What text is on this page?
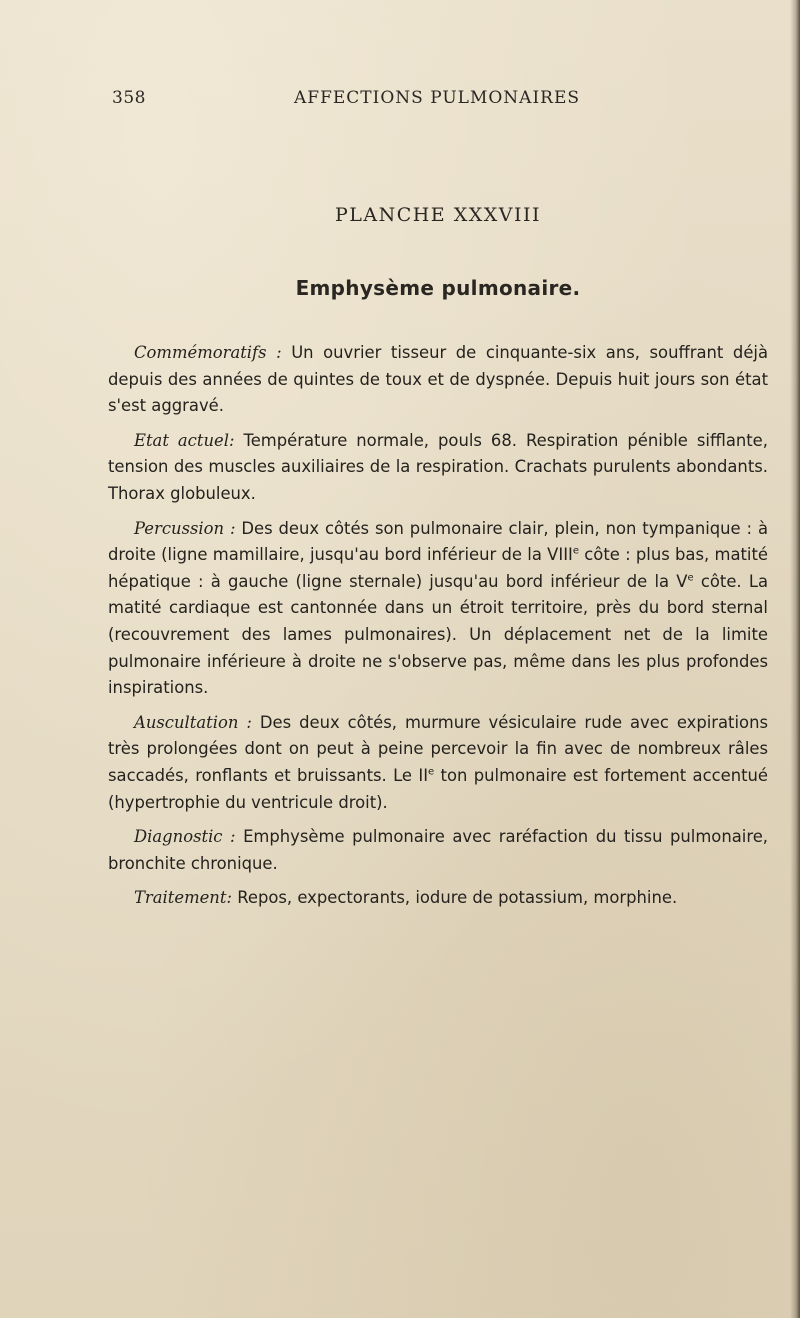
358	AFFECTIONS PULMONAIRES
PLANCHE XXXVIII
Emphysème pulmonaire.

Commémoratifs : Un ouvrier tisseur de cinquante-six ans, souffrant déjà depuis des années de quintes de toux et de dyspnée. Depuis huit jours son état s'est aggravé.

Etat actuel: Température normale, pouls 68. Respiration pénible sifflante, tension des muscles auxiliaires de la respiration. Crachats purulents abondants. Thorax globuleux.

Percussion : Des deux côtés son pulmonaire clair, plein, non tympanique : à droite (ligne mamillaire, jusqu'au bord inférieur de la VIIIe côte : plus bas, matité hépatique : à gauche (ligne sternale) jusqu'au bord inférieur de la Ve côte. La matité cardiaque est cantonnée dans un étroit territoire, près du bord sternal (recouvrement des lames pulmonaires). Un déplacement net de la limite pulmonaire inférieure à droite ne s'observe pas, même dans les plus profondes inspirations.

Auscultation : Des deux côtés, murmure vésiculaire rude avec expirations très prolongées dont on peut à peine percevoir la fin avec de nombreux râles saccadés, ronflants et bruissants. Le IIe ton pulmonaire est fortement accentué (hypertrophie du ventricule droit).

Diagnostic : Emphysème pulmonaire avec raréfaction du tissu pulmonaire, bronchite chronique.

Traitement: Repos, expectorants, iodure de potassium, morphine.
